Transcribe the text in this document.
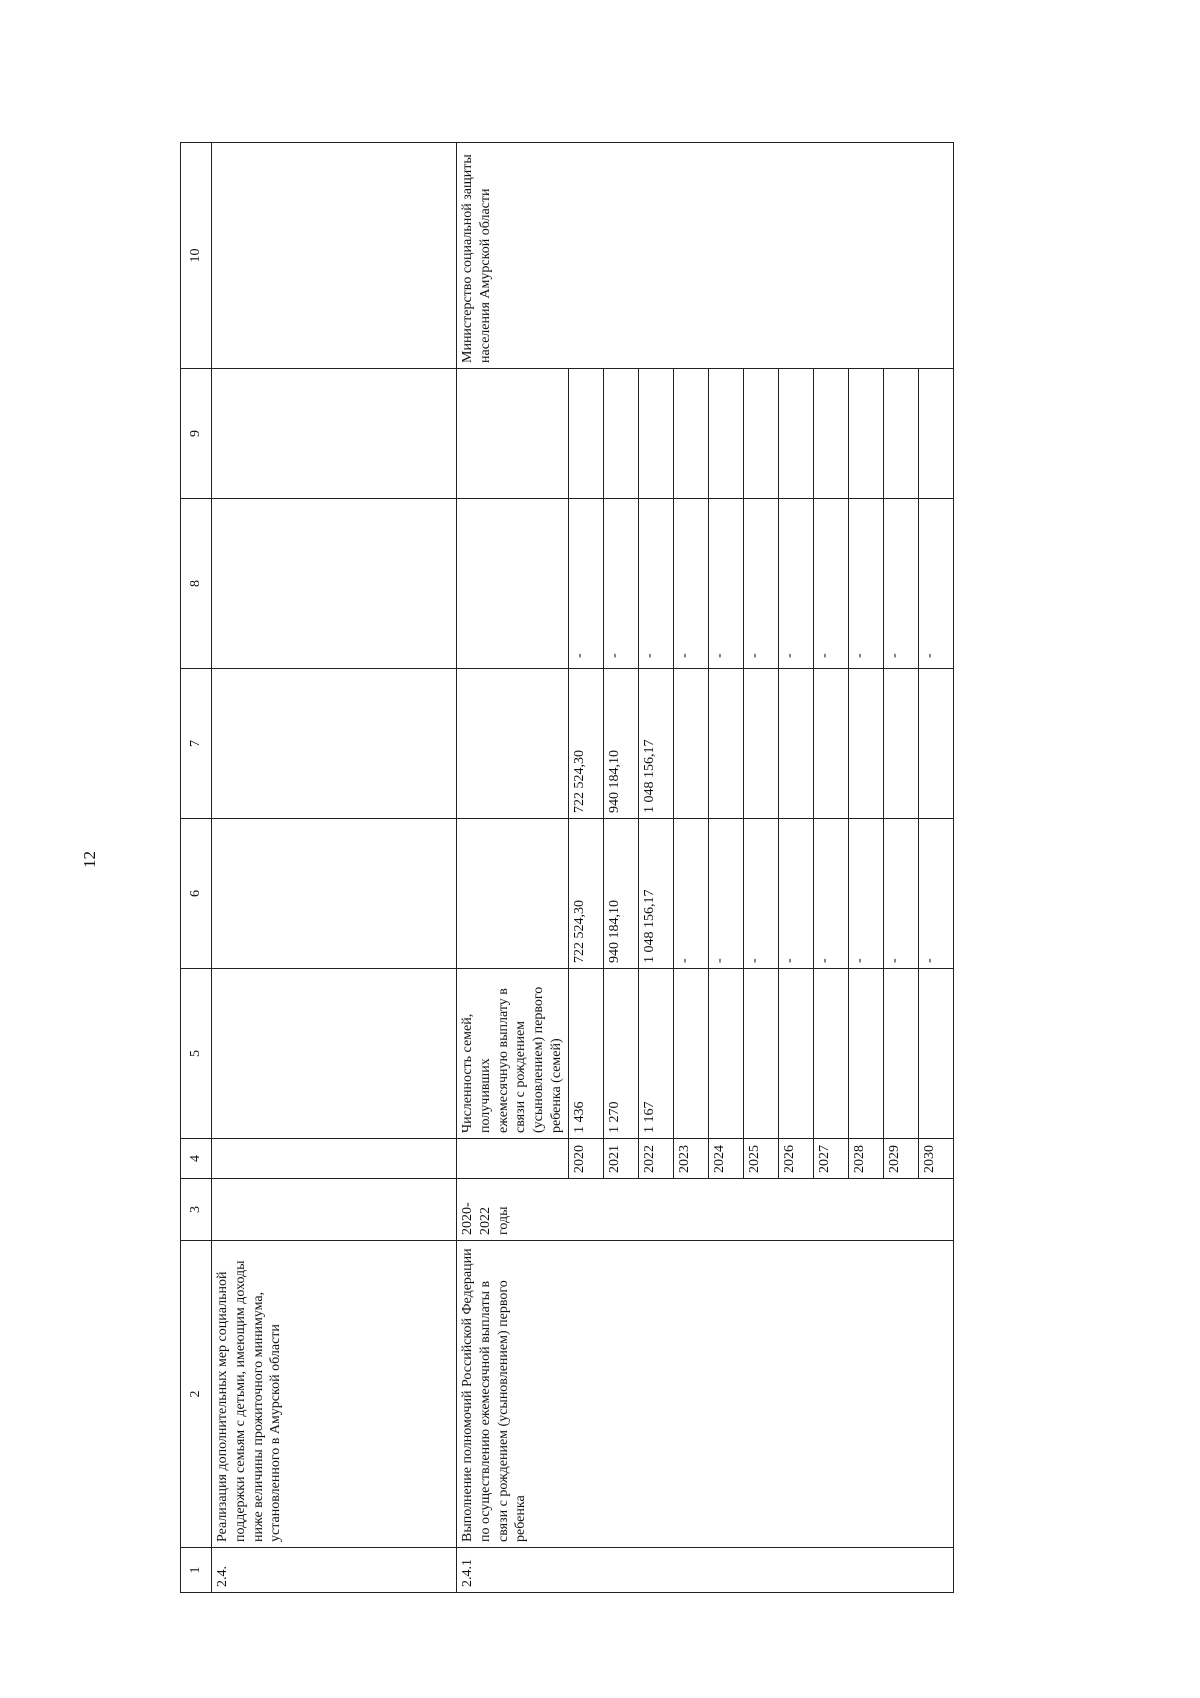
12
1	2	3	4	5	6	7	8	9	10
2.4.	Реализация дополнительных мер социальной поддержки семьям с детьми, имеющим доходы ниже величины прожиточного минимума, установленного в Амурской области								
2.4.1	Выполнение полномочий Российской Федерации по осуществлению ежемесячной выплаты в связи с рождением (усыновлением) первого ребенка	2020-2022 годы		Численность семей, получивших ежемесячную выплату в связи с рождением (усыновлением) первого ребенка (семей)					Министерство социальной защиты населения Амурской области
			2020	1 436	722 524,30	722 524,30	-		
			2021	1 270	940 184,10	940 184,10	-		
			2022	1 167	1 048 156,17	1 048 156,17	-		
			2023		-		-		
			2024		-		-		
			2025		-		-		
			2026		-		-		
			2027		-		-		
			2028		-		-		
			2029		-		-		
			2030		-		-		
